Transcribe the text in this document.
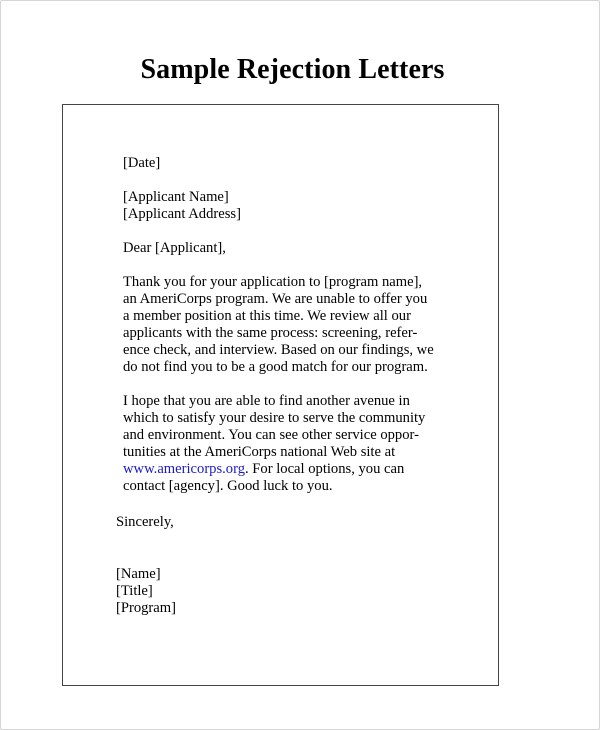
Sample Rejection Letters
[Date]
[Applicant Name]
[Applicant Address]
Dear [Applicant],
Thank you for your application to [program name],
an AmeriCorps program. We are unable to offer you
a member position at this time. We review all our
applicants with the same process: screening, refer-
ence check, and interview. Based on our findings, we
do not find you to be a good match for our program.
I hope that you are able to find another avenue in
which to satisfy your desire to serve the community
and environment. You can see other service oppor-
tunities at the AmeriCorps national Web site at
www.americorps.org. For local options, you can
contact [agency]. Good luck to you.
Sincerely,
[Name]
[Title]
[Program]
